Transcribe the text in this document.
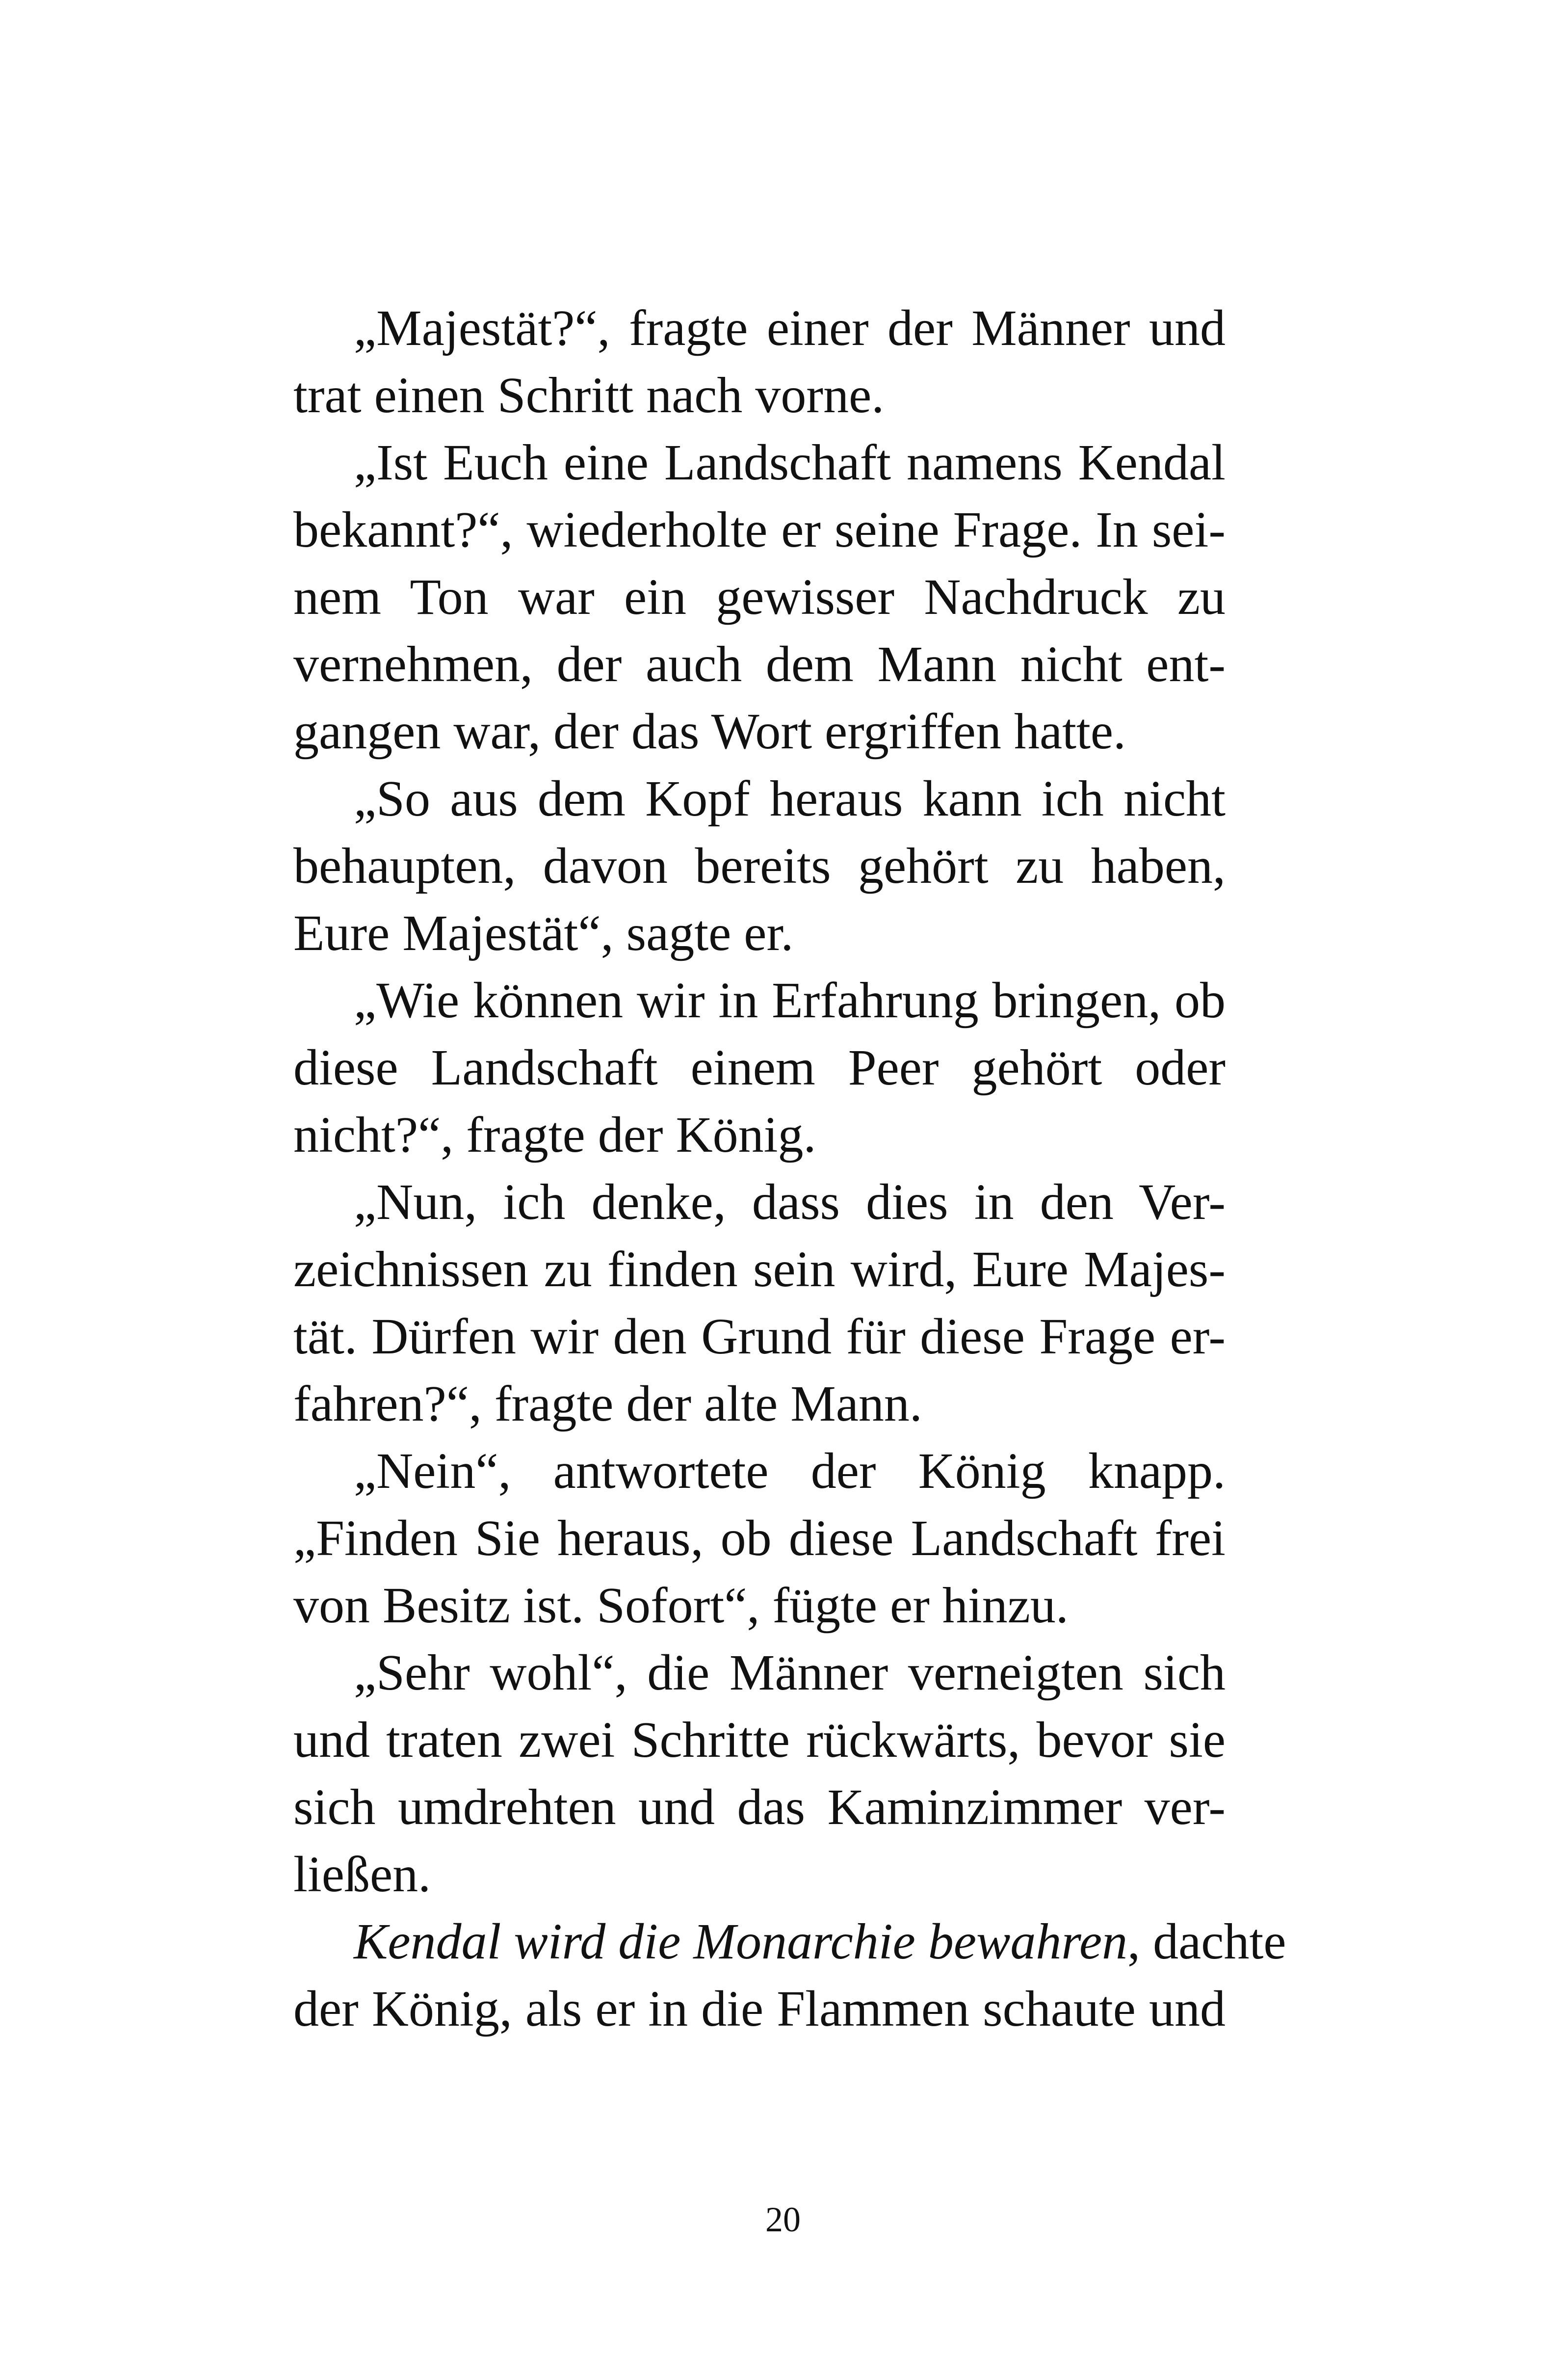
„Majestät?“, fragte einer der Männer und
trat einen Schritt nach vorne.
„Ist Euch eine Landschaft namens Kendal
bekannt?“, wiederholte er seine Frage. In sei-
nem Ton war ein gewisser Nachdruck zu
vernehmen, der auch dem Mann nicht ent-
gangen war, der das Wort ergriffen hatte.
„So aus dem Kopf heraus kann ich nicht
behaupten, davon bereits gehört zu haben,
Eure Majestät“, sagte er.
„Wie können wir in Erfahrung bringen, ob
diese Landschaft einem Peer gehört oder
nicht?“, fragte der König.
„Nun, ich denke, dass dies in den Ver-
zeichnissen zu finden sein wird, Eure Majes-
tät. Dürfen wir den Grund für diese Frage er-
fahren?“, fragte der alte Mann.
„Nein“, antwortete der König knapp.
„Finden Sie heraus, ob diese Landschaft frei
von Besitz ist. Sofort“, fügte er hinzu.
„Sehr wohl“, die Männer verneigten sich
und traten zwei Schritte rückwärts, bevor sie
sich umdrehten und das Kaminzimmer ver-
ließen.
Kendal wird die Monarchie bewahren, dachte
der König, als er in die Flammen schaute und
20
